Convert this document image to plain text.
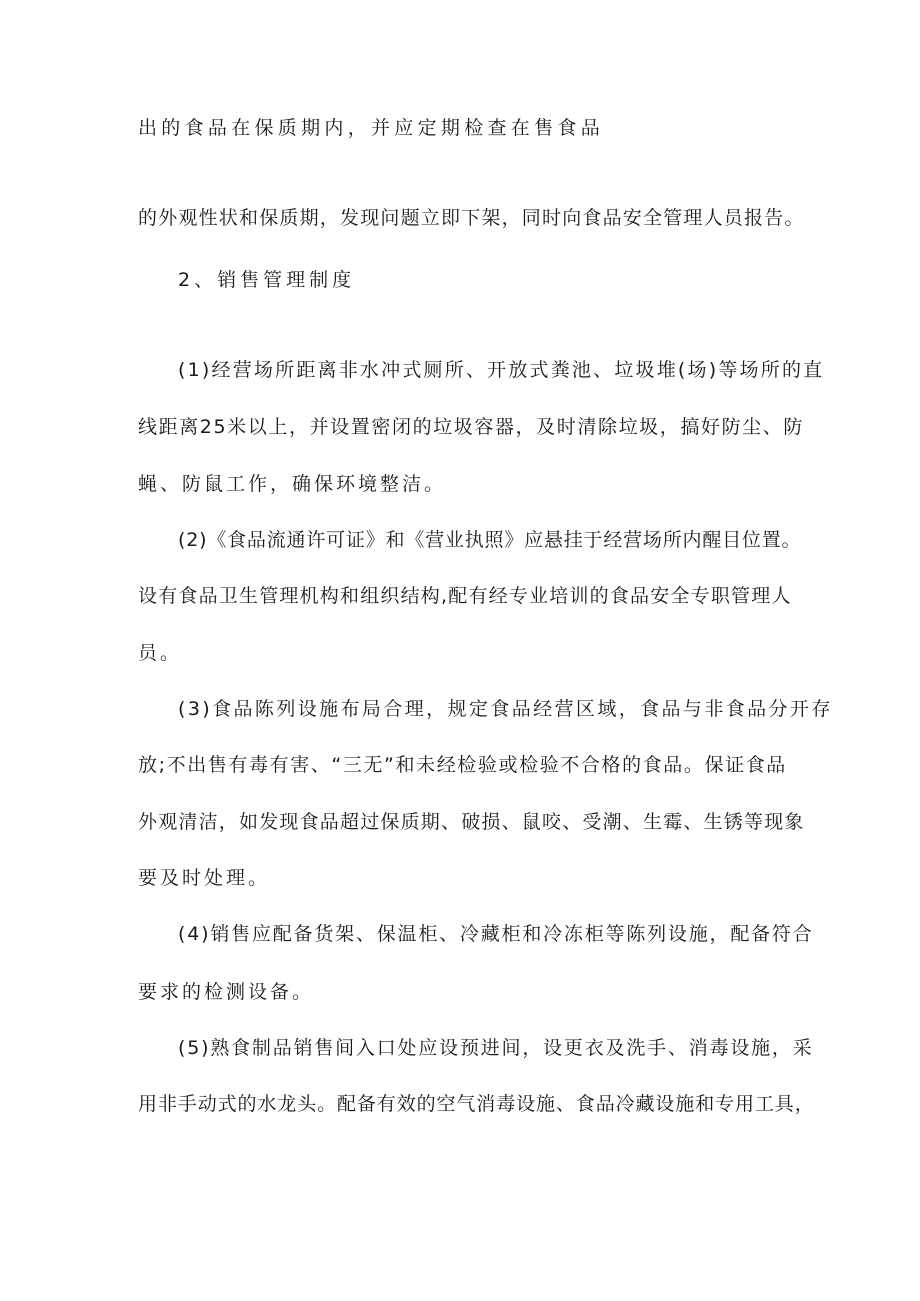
出的食品在保质期内，并应定期检查在售食品
的外观性状和保质期，发现问题立即下架，同时向食品安全管理人员报告。
2、销售管理制度
(1)经营场所距离非水冲式厕所、开放式粪池、垃圾堆(场)等场所的直
线距离25米以上，并设置密闭的垃圾容器，及时清除垃圾，搞好防尘、防
蝇、防鼠工作，确保环境整洁。
(2)《食品流通许可证》和《营业执照》应悬挂于经营场所内醒目位置。
设有食品卫生管理机构和组织结构,配有经专业培训的食品安全专职管理人
员。
(3)食品陈列设施布局合理，规定食品经营区域，食品与非食品分开存
放;不出售有毒有害、“三无”和未经检验或检验不合格的食品。保证食品
外观清洁，如发现食品超过保质期、破损、鼠咬、受潮、生霉、生锈等现象
要及时处理。
(4)销售应配备货架、保温柜、冷藏柜和冷冻柜等陈列设施，配备符合
要求的检测设备。
(5)熟食制品销售间入口处应设预进间，设更衣及洗手、消毒设施，采
用非手动式的水龙头。配备有效的空气消毒设施、食品冷藏设施和专用工具，
